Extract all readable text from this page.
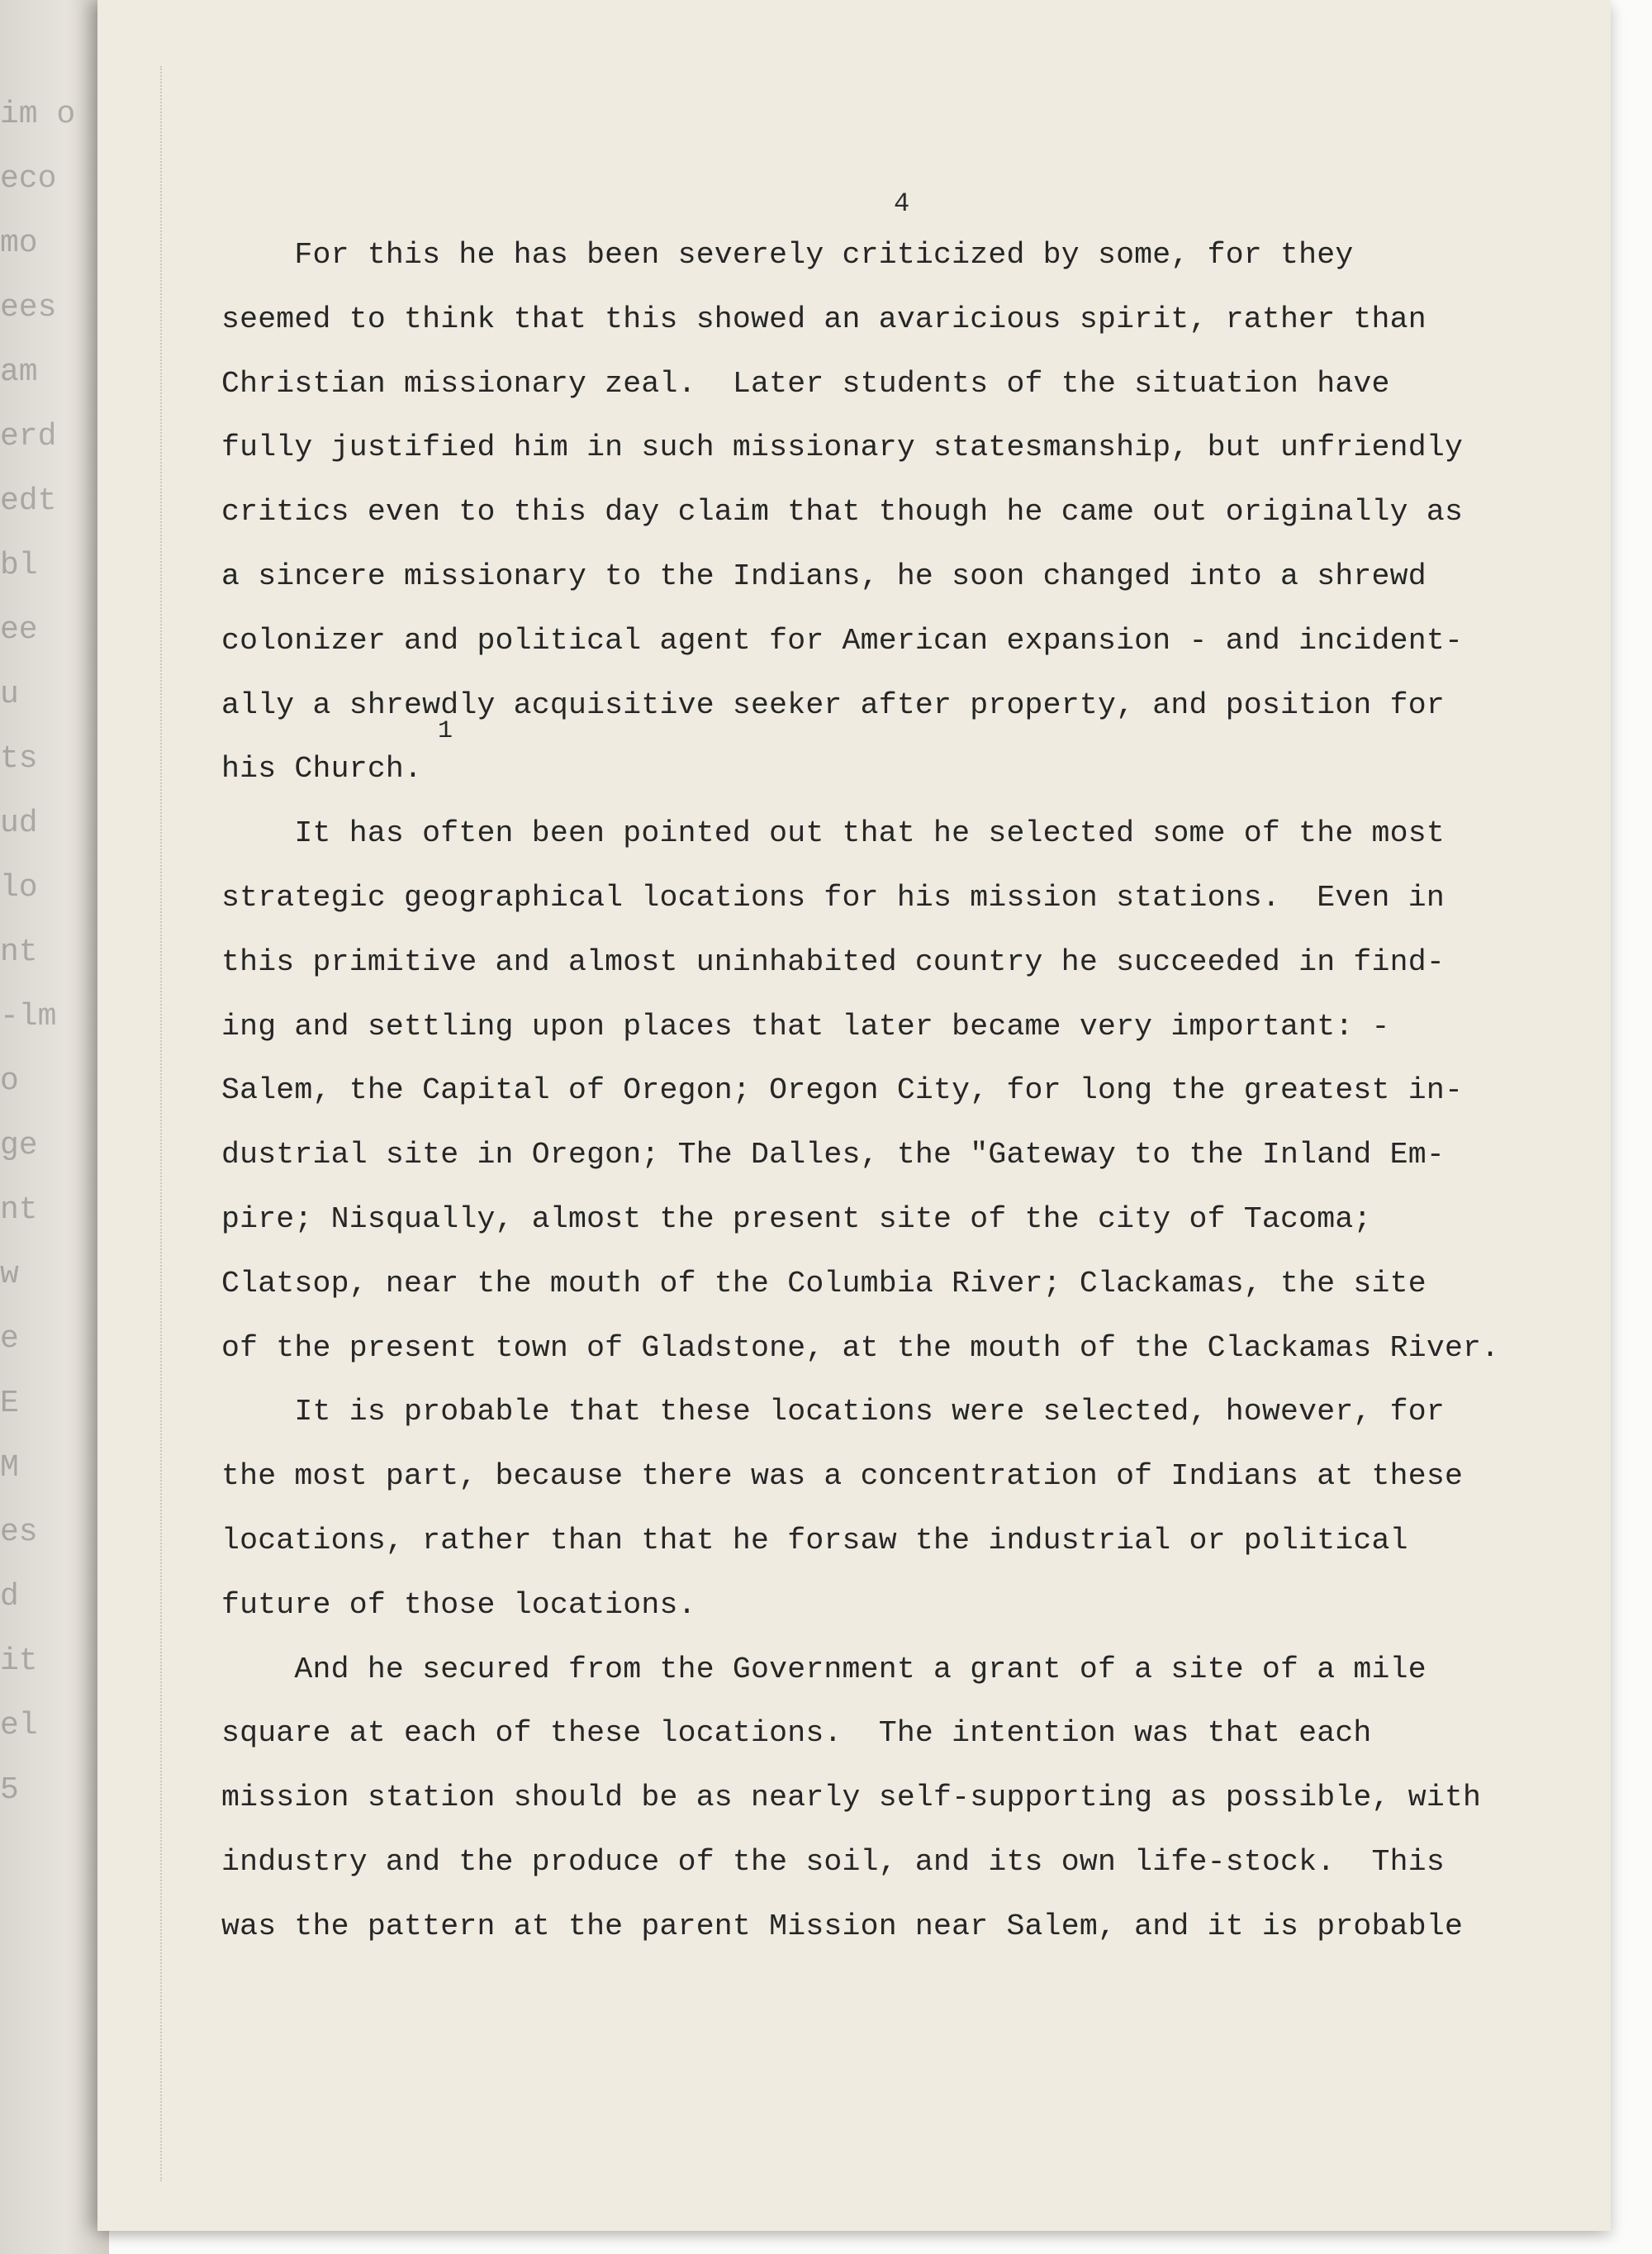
im o
eco
mo
ees
am
erd
edt
bl
ee
u
ts
ud
lo
nt
-lm
o
ge
nt
w
e
E
M
es
d
it
el
5
4
For this he has been severely criticized by some, for they
seemed to think that this showed an avaricious spirit, rather than
Christian missionary zeal.  Later students of the situation have
fully justified him in such missionary statesmanship, but unfriendly
critics even to this day claim that though he came out originally as
a sincere missionary to the Indians, he soon changed into a shrewd
colonizer and political agent for American expansion - and incident-
ally a shrewdly acquisitive seeker after property, and position for
his Church.
1
It has often been pointed out that he selected some of the most
strategic geographical locations for his mission stations.  Even in
this primitive and almost uninhabited country he succeeded in find-
ing and settling upon places that later became very important: -
Salem, the Capital of Oregon; Oregon City, for long the greatest in-
dustrial site in Oregon; The Dalles, the "Gateway to the Inland Em-
pire; Nisqually, almost the present site of the city of Tacoma;
Clatsop, near the mouth of the Columbia River; Clackamas, the site
of the present town of Gladstone, at the mouth of the Clackamas River.
It is probable that these locations were selected, however, for
the most part, because there was a concentration of Indians at these
locations, rather than that he forsaw the industrial or political
future of those locations.
And he secured from the Government a grant of a site of a mile
square at each of these locations.  The intention was that each
mission station should be as nearly self-supporting as possible, with
industry and the produce of the soil, and its own life-stock.  This
was the pattern at the parent Mission near Salem, and it is probable
